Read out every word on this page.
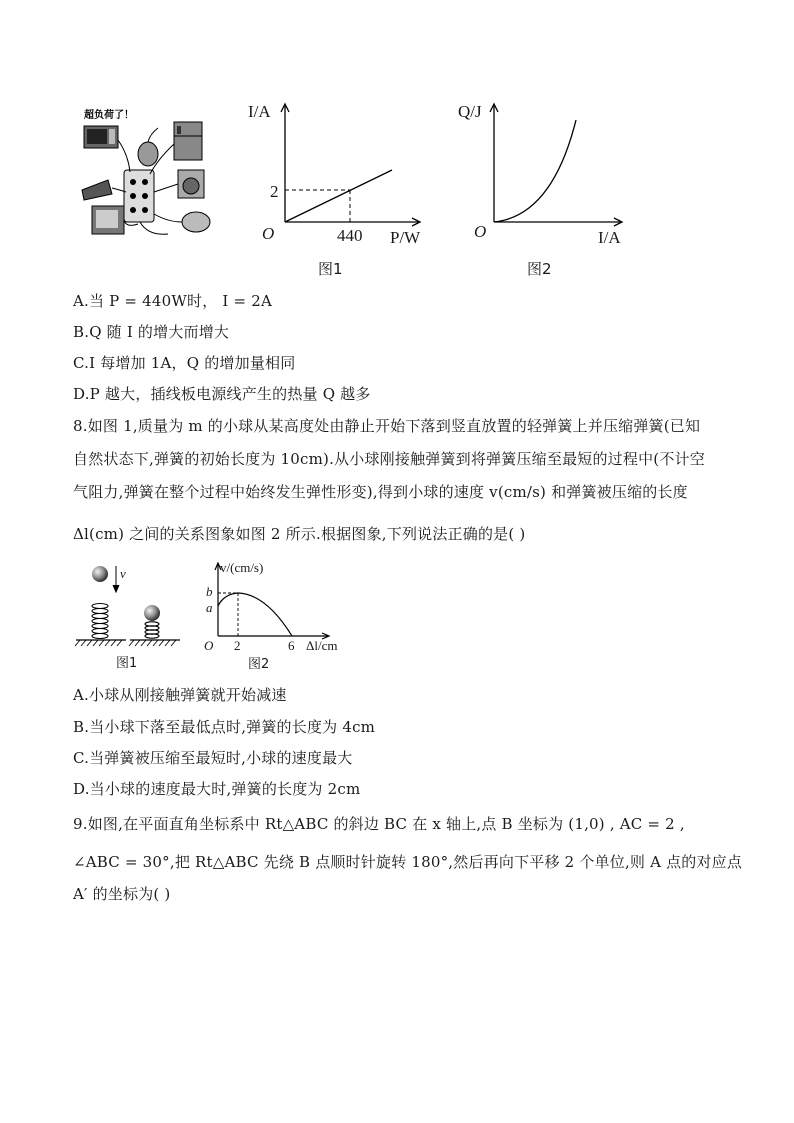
超负荷了！	I/A
2
O	440 P/W
图1
Q/J
O	I/A
图2
A.当 P = 440W时， I = 2A
B.Q 随 I 的增大而增大
C.I 每增加 1A，Q 的增加量相同
D.P 越大，插线板电源线产生的热量 Q 越多
8.如图 1,质量为 m 的小球从某高度处由静止开始下落到竖直放置的轻弹簧上并压缩弹簧(已知
自然状态下,弹簧的初始长度为 10cm).从小球刚接触弹簧到将弹簧压缩至最短的过程中(不计空
气阻力,弹簧在整个过程中始终发生弹性形变),得到小球的速度 v(cm/s) 和弹簧被压缩的长度
Δl(cm) 之间的关系图象如图 2 所示.根据图象,下列说法正确的是( )
v
图1
v/(cm/s)
b
a
O 2	6 Δl/cm
图2
A.小球从刚接触弹簧就开始减速
B.当小球下落至最低点时,弹簧的长度为 4cm
C.当弹簧被压缩至最短时,小球的速度最大
D.当小球的速度最大时,弹簧的长度为 2cm
9.如图,在平面直角坐标系中 Rt△ABC 的斜边 BC 在 x 轴上,点 B 坐标为 (1,0) , AC = 2 ,
∠ABC = 30°,把 Rt△ABC 先绕 B 点顺时针旋转 180°,然后再向下平移 2 个单位,则 A 点的对应点
A′ 的坐标为( )
